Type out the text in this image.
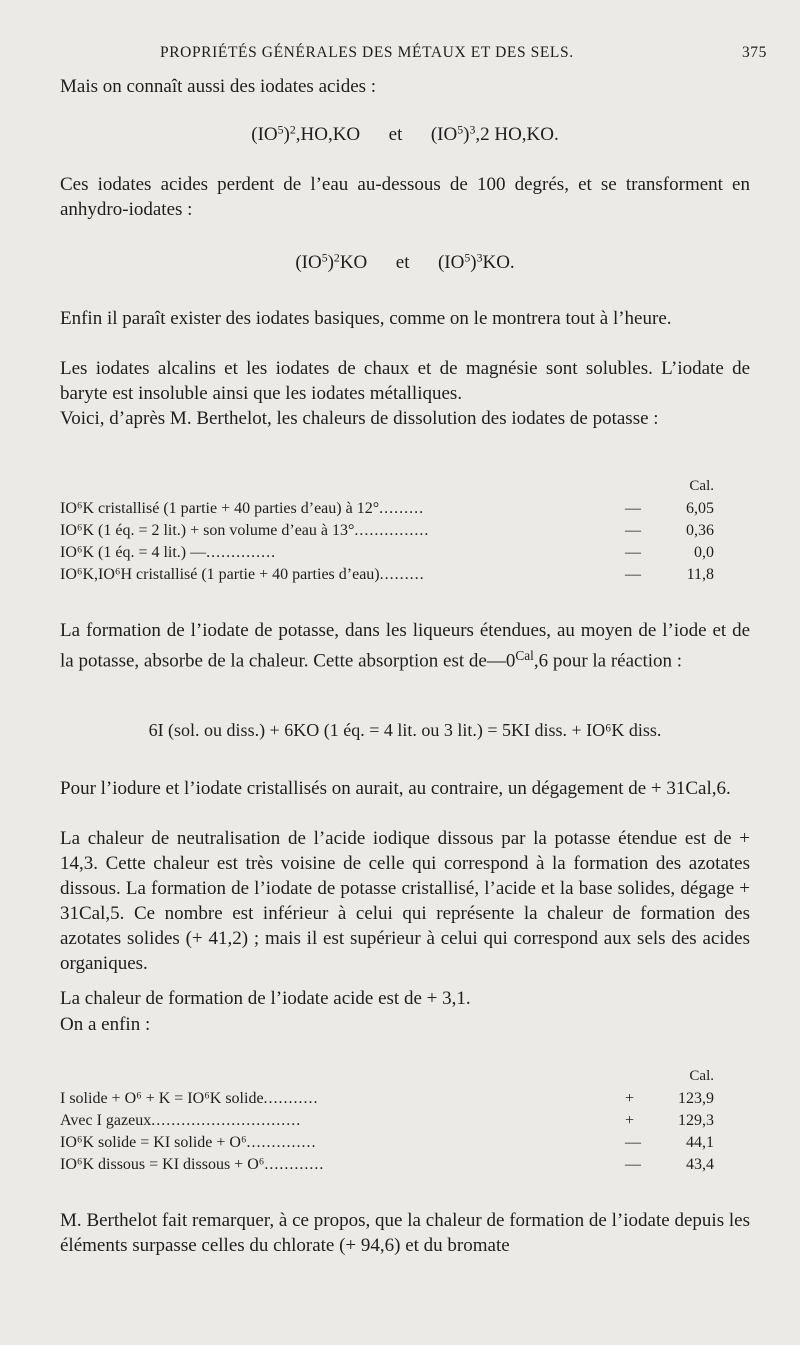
PROPRIÉTÉS GÉNÉRALES DES MÉTAUX ET DES SELS.	375
Mais on connaît aussi des iodates acides :
$(IO^5)^2,HO,KO$ et $(IO^5)^3,2$ HO,KO.
Ces iodates acides perdent de l’eau au-dessous de 100 degrés, et se transforment en anhydro-iodates :
$(IO^5)^2KO$ et $(IO^5)^3KO$.
Enfin il paraît exister des iodates basiques, comme on le montrera tout à l’heure.
Les iodates alcalins et les iodates de chaux et de magnésie sont solubles. L’iodate de baryte est insoluble ainsi que les iodates métalliques.
Voici, d’après M. Berthelot, les chaleurs de dissolution des iodates de potasse :
Cal.
IO⁶K cristallisé (1 partie + 40 parties d’eau) à 12°.........	—	6,05
IO⁶K (1 éq. = 2 lit.) + son volume d’eau à 13°...............	—	0,36
IO⁶K (1 éq. = 4 lit.) —..............	—	0,0
IO⁶K,IO⁶H cristallisé (1 partie + 40 parties d’eau).........	—	11,8
La formation de l’iodate de potasse, dans les liqueurs étendues, au moyen de l’iode et de la potasse, absorbe de la chaleur. Cette absorption est $de—0^{Cal},6$ pour la réaction :
6I (sol. ou diss.) + 6KO (1 éq. = 4 lit. ou 3 lit.) = 5KI diss. + IO⁶K diss.
Pour l’iodure et l’iodate cristallisés on aurait, au contraire, un dégagement de + 31Cal,6.
La chaleur de neutralisation de l’acide iodique dissous par la potasse étendue est de + 14,3. Cette chaleur est très voisine de celle qui correspond à la formation des azotates dissous. La formation de l’iodate de potasse cristallisé, l’acide et la base solides, dégage + 31Cal,5. Ce nombre est inférieur à celui qui représente la chaleur de formation des azotates solides (+ 41,2) ; mais il est supérieur à celui qui correspond aux sels des acides organiques.
La chaleur de formation de l’iodate acide est de + 3,1.
On a enfin :
Cal.
I solide + O⁶ + K = IO⁶K solide...........	+	123,9
Avec I gazeux..............................	+	129,3
IO⁶K solide = KI solide + O⁶..............	—	44,1
IO⁶K dissous = KI dissous + O⁶............	—	43,4
M. Berthelot fait remarquer, à ce propos, que la chaleur de formation de l’iodate depuis les éléments surpasse celles du chlorate (+ 94,6) et du bromate
